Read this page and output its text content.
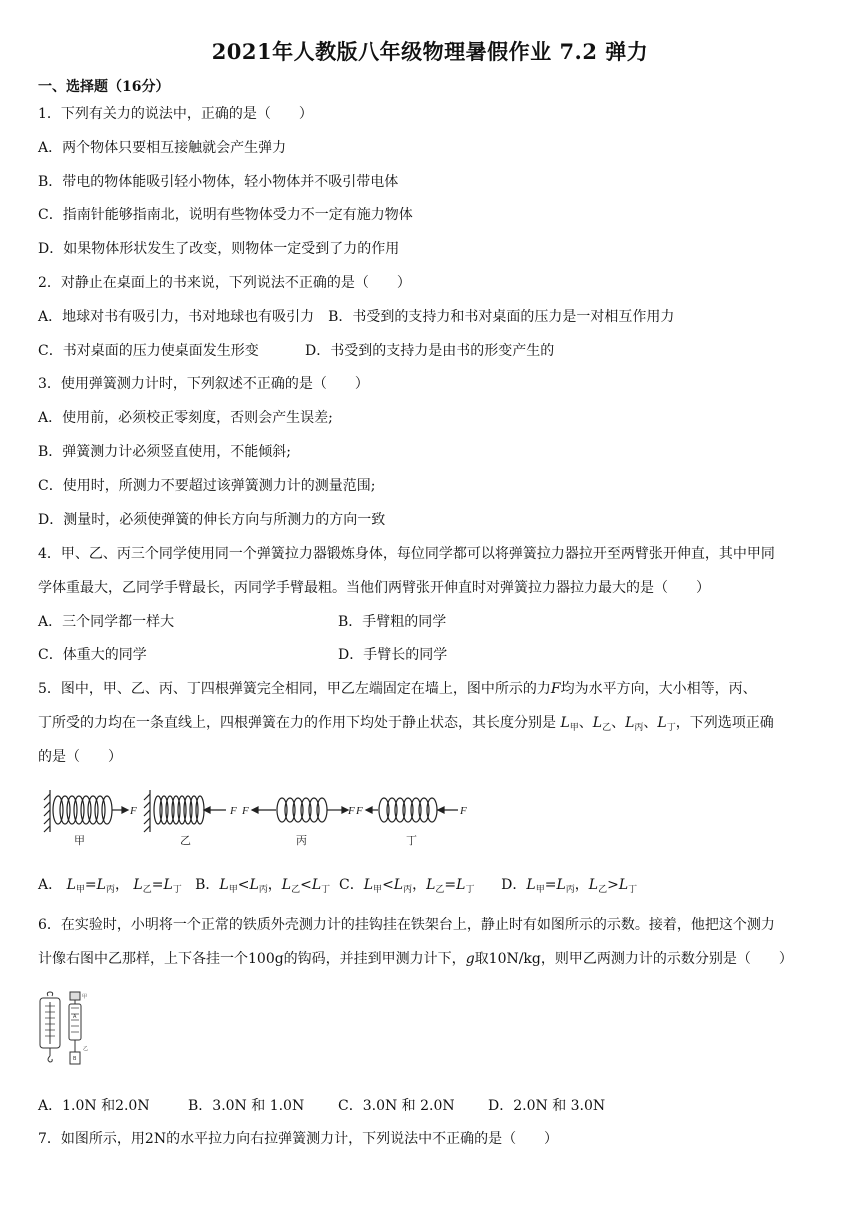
2021年人教版八年级物理暑假作业 7.2 弹力
一、选择题（16分）
1．下列有关力的说法中，正确的是（　　）
A．两个物体只要相互接触就会产生弹力
B．带电的物体能吸引轻小物体，轻小物体并不吸引带电体
C．指南针能够指南北，说明有些物体受力不一定有施力物体
D．如果物体形状发生了改变，则物体一定受到了力的作用
2．对静止在桌面上的书来说，下列说法不正确的是（　　）
A．地球对书有吸引力，书对地球也有吸引力　B．书受到的支持力和书对桌面的压力是一对相互作用力
C．书对桌面的压力使桌面发生形变	D．书受到的支持力是由书的形变产生的
3．使用弹簧测力计时，下列叙述不正确的是（　　）
A．使用前，必须校正零刻度，否则会产生误差;
B．弹簧测力计必须竖直使用，不能倾斜;
C．使用时，所测力不要超过该弹簧测力计的测量范围;
D．测量时，必须使弹簧的伸长方向与所测力的方向一致
4．甲、乙、丙三个同学使用同一个弹簧拉力器锻炼身体，每位同学都可以将弹簧拉力器拉开至两臂张开伸直，其中甲同
学体重最大，乙同学手臂最长，丙同学手臂最粗。当他们两臂张开伸直时对弹簧拉力器拉力最大的是（　　）
A．三个同学都一样大	B．手臂粗的同学
C．体重大的同学	D．手臂长的同学
5．图中，甲、乙、丙、丁四根弹簧完全相同，甲乙左端固定在墙上，图中所示的力F均为水平方向，大小相等，丙、
丁所受的力均在一条直线上，四根弹簧在力的作用下均处于静止状态，其长度分别是 $L_甲$、$L_乙$、$L_丙$、$L_丁$，下列选项正确
的是（　　）
F	F F	F F	F
甲	乙	丙	丁
A． $L_甲=L_丙$， $L_乙=L_丁$ B．$L_甲<L_丙$，$L_乙<L_丁$ C．$L_甲<L_丙$，$L_乙=L_丁$ D．$L_甲=L_丙$，$L_乙>L_丁$
6．在实验时，小明将一个正常的铁质外壳测力计的挂钩挂在铁架台上，静止时有如图所示的示数。接着，他把这个测力
计像右图中乙那样，上下各挂一个100g的钩码，并挂到甲测力计下，g取10N/kg，则甲乙两测力计的示数分别是（　　）
甲
乙
A
B
A．1.0N 和2.0N	B．3.0N 和 1.0N C．3.0N 和 2.0N D．2.0N 和 3.0N
7．如图所示，用2N的水平拉力向右拉弹簧测力计，下列说法中不正确的是（　　）
